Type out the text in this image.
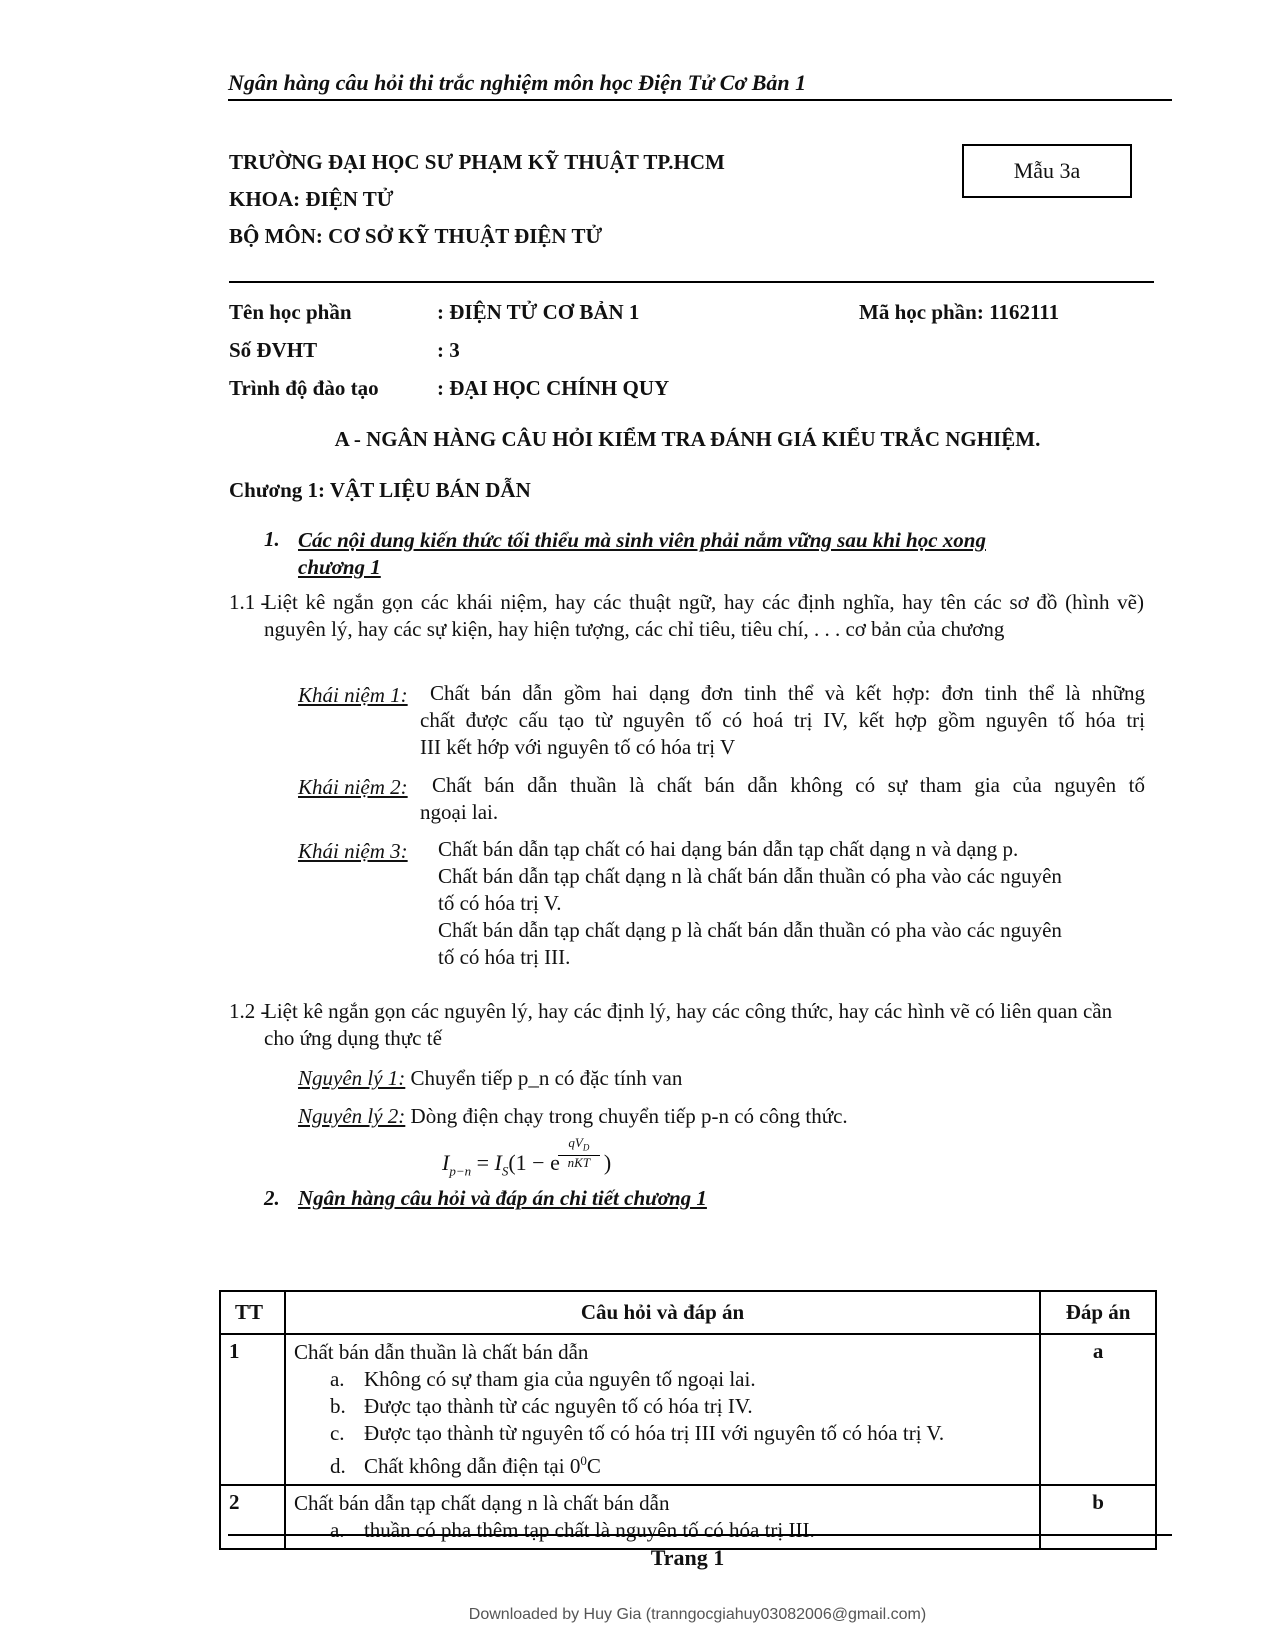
Ngân hàng câu hỏi thi trắc nghiệm môn học Điện Tử Cơ Bản 1
TRƯỜNG ĐẠI HỌC SƯ PHẠM KỸ THUẬT TP.HCM
KHOA: ĐIỆN TỬ
BỘ MÔN: CƠ SỞ KỸ THUẬT ĐIỆN TỬ
Mẫu 3a
Tên học phần	: ĐIỆN TỬ CƠ BẢN 1	Mã học phần: 1162111
Số ĐVHT	: 3
Trình độ đào tạo	: ĐẠI HỌC CHÍNH QUY
A - NGÂN HÀNG CÂU HỎI KIỂM TRA ĐÁNH GIÁ KIỂU TRẮC NGHIỆM.
Chương 1: VẬT LIỆU BÁN DẪN
1. Các nội dung kiến thức tối thiểu mà sinh viên phải nắm vững sau khi học xong
chương 1
1.1 -
Liệt kê ngắn gọn các khái niệm, hay các thuật ngữ, hay các định nghĩa, hay tên các sơ đồ (hình vẽ) nguyên lý, hay các sự kiện, hay hiện tượng, các chỉ tiêu, tiêu chí, . . . cơ bản của chương
Khái niệm 1: Chất bán dẫn gồm hai dạng đơn tinh thể và kết hợp: đơn tinh thể là những
chất được cấu tạo từ nguyên tố có hoá trị IV, kết hợp gồm nguyên tố hóa trị
III kết hớp với nguyên tố có hóa trị V
Khái niệm 2: Chất bán dẫn thuần là chất bán dẫn không có sự tham gia của nguyên tố
ngoại lai.
Khái niệm 3: Chất bán dẫn tạp chất có hai dạng bán dẫn tạp chất dạng n và dạng p.
Chất bán dẫn tạp chất dạng n là chất bán dẫn thuần có pha vào các nguyên
tố có hóa trị V.
Chất bán dẫn tạp chất dạng p là chất bán dẫn thuần có pha vào các nguyên
tố có hóa trị III.
1.2 -
Liệt kê ngắn gọn các nguyên lý, hay các định lý, hay các công thức, hay các hình vẽ có liên quan cần cho ứng dụng thực tế
Nguyên lý 1: Chuyển tiếp p_n có đặc tính van
Nguyên lý 2: Dòng điện chạy trong chuyển tiếp p-n có công thức.
$I_{p-n} = I_S(1 - e$
$qV_D$
nKT )
2. Ngân hàng câu hỏi và đáp án chi tiết chương 1
TT	Câu hỏi và đáp án	Đáp án
1	Chất bán dẫn thuần là chất bán dẫn
a. Không có sự tham gia của nguyên tố ngoại lai.
b. Được tạo thành từ các nguyên tố có hóa trị IV.
c. Được tạo thành từ nguyên tố có hóa trị III với nguyên tố có hóa trị V.
d. Chất không dẫn điện tại $0^0C$	a
2	Chất bán dẫn tạp chất dạng n là chất bán dẫn
a. thuần có pha thêm tạp chất là nguyên tố có hóa trị III.	b
Trang 1
Downloaded by Huy Gia (tranngocgiahuy03082006@gmail.com)
